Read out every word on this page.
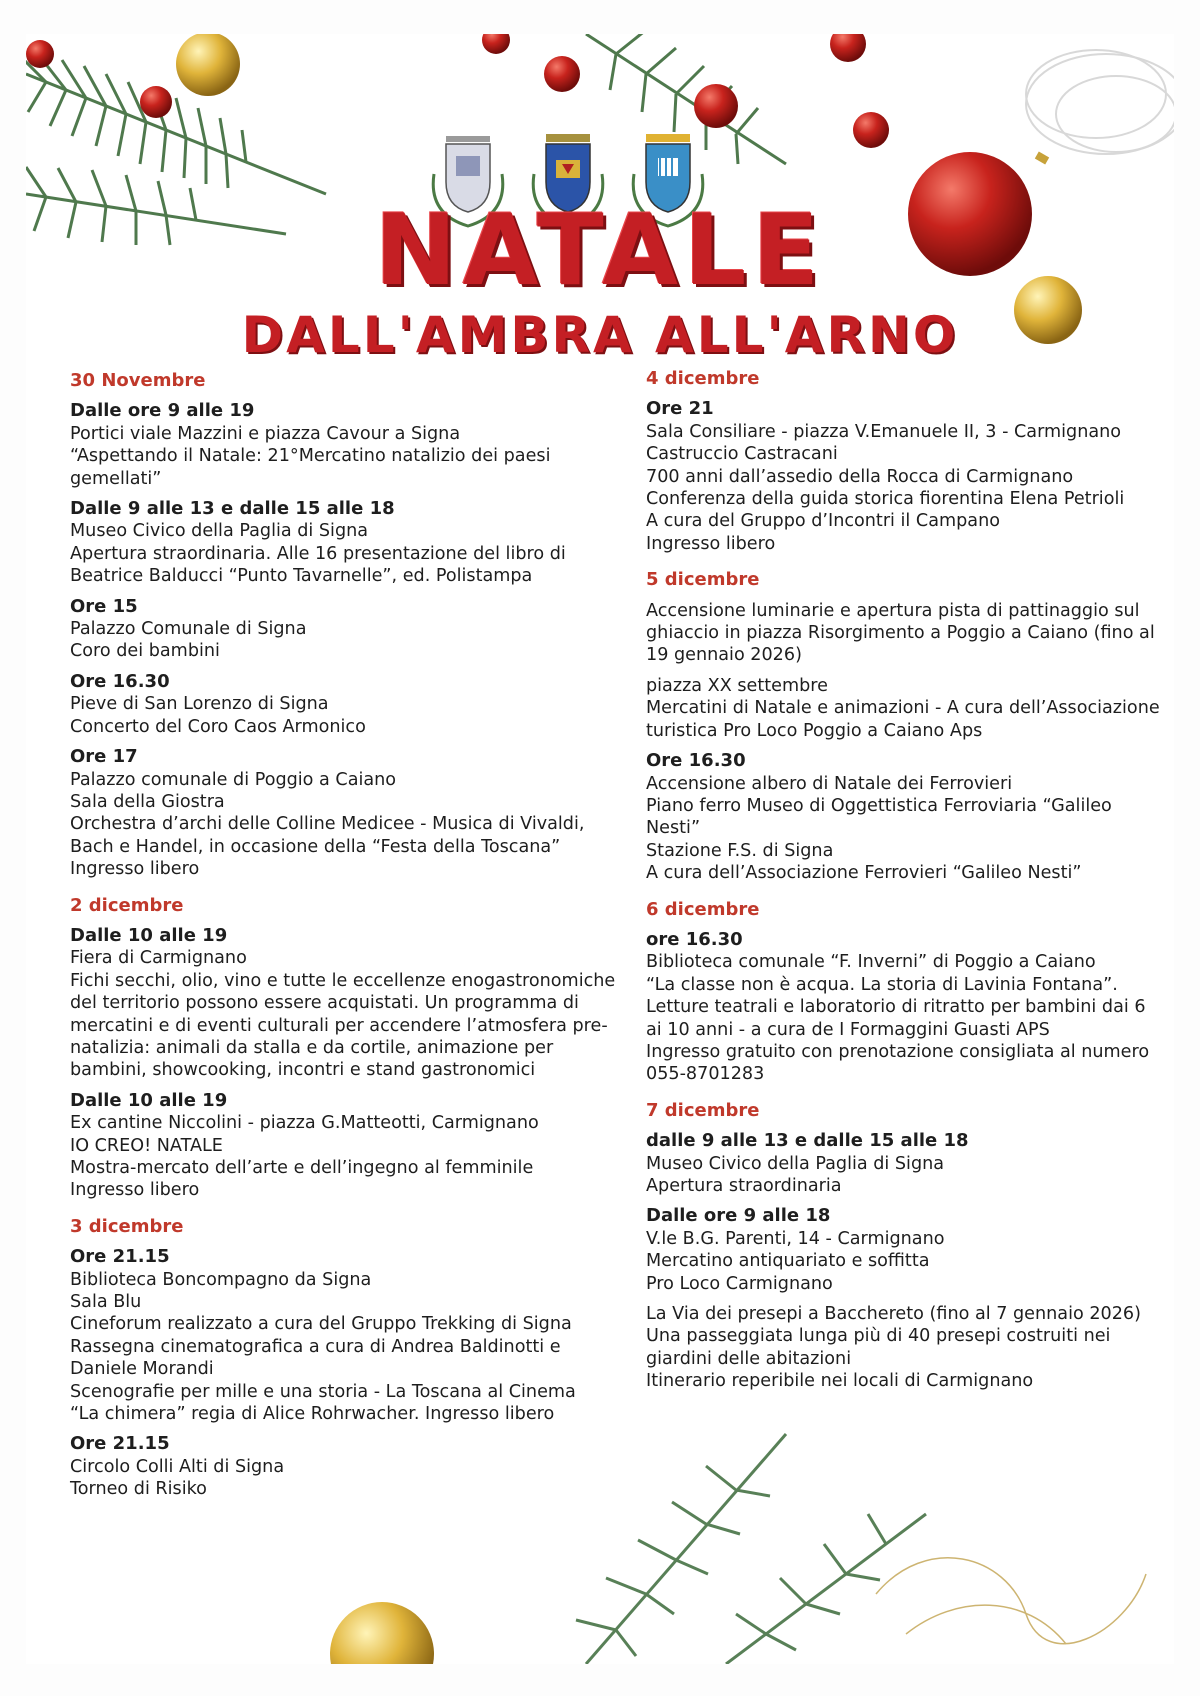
NATALE
DALL'AMBRA ALL'ARNO
30 Novembre
Dalle ore 9 alle 19
Portici viale Mazzini e piazza Cavour a Signa
“Aspettando il Natale: 21°Mercatino natalizio dei paesi gemellati”
Dalle 9 alle 13 e dalle 15 alle 18
Museo Civico della Paglia di Signa
Apertura straordinaria. Alle 16 presentazione del libro di Beatrice Balducci “Punto Tavarnelle”, ed. Polistampa
Ore 15
Palazzo Comunale di Signa
Coro dei bambini
Ore 16.30
Pieve di San Lorenzo di Signa
Concerto del Coro Caos Armonico
Ore 17
Palazzo comunale di Poggio a Caiano
Sala della Giostra
Orchestra d’archi delle Colline Medicee - Musica di Vivaldi, Bach e Handel, in occasione della “Festa della Toscana”
Ingresso libero
2 dicembre
Dalle 10 alle 19
Fiera di Carmignano
Fichi secchi, olio, vino e tutte le eccellenze enogastronomiche del territorio possono essere acquistati. Un programma di mercatini e di eventi culturali per accendere l’atmosfera pre-natalizia: animali da stalla e da cortile, animazione per bambini, showcooking, incontri e stand gastronomici
Dalle 10 alle 19
Ex cantine Niccolini - piazza G.Matteotti, Carmignano
IO CREO! NATALE
Mostra-mercato dell’arte e dell’ingegno al femminile
Ingresso libero
3 dicembre
Ore 21.15
Biblioteca Boncompagno da Signa
Sala Blu
Cineforum realizzato a cura del Gruppo Trekking di Signa
Rassegna cinematografica a cura di Andrea Baldinotti e Daniele Morandi
Scenografie per mille e una storia - La Toscana al Cinema
“La chimera” regia di Alice Rohrwacher. Ingresso libero
Ore 21.15
Circolo Colli Alti di Signa
Torneo di Risiko
4 dicembre
Ore 21
Sala Consiliare - piazza V.Emanuele II, 3 - Carmignano
Castruccio Castracani
700 anni dall’assedio della Rocca di Carmignano
Conferenza della guida storica fiorentina Elena Petrioli
A cura del Gruppo d’Incontri il Campano
Ingresso libero
5 dicembre
Accensione luminarie e apertura pista di pattinaggio sul ghiaccio in piazza Risorgimento a Poggio a Caiano (fino al 19 gennaio 2026)
piazza XX settembre
Mercatini di Natale e animazioni - A cura dell’Associazione turistica Pro Loco Poggio a Caiano Aps
Ore 16.30
Accensione albero di Natale dei Ferrovieri
Piano ferro Museo di Oggettistica Ferroviaria “Galileo Nesti”
Stazione F.S. di Signa
A cura dell’Associazione Ferrovieri “Galileo Nesti”
6 dicembre
ore 16.30
Biblioteca comunale “F. Inverni” di Poggio a Caiano
“La classe non è acqua. La storia di Lavinia Fontana”.
Letture teatrali e laboratorio di ritratto per bambini dai 6 ai 10 anni - a cura de I Formaggini Guasti APS
Ingresso gratuito con prenotazione consigliata al numero 055-8701283
7 dicembre
dalle 9 alle 13 e dalle 15 alle 18
Museo Civico della Paglia di Signa
Apertura straordinaria
Dalle ore 9 alle 18
V.le B.G. Parenti, 14 - Carmignano
Mercatino antiquariato e soffitta
Pro Loco Carmignano
La Via dei presepi a Bacchereto (fino al 7 gennaio 2026)
Una passeggiata lunga più di 40 presepi costruiti nei giardini delle abitazioni
Itinerario reperibile nei locali di Carmignano
